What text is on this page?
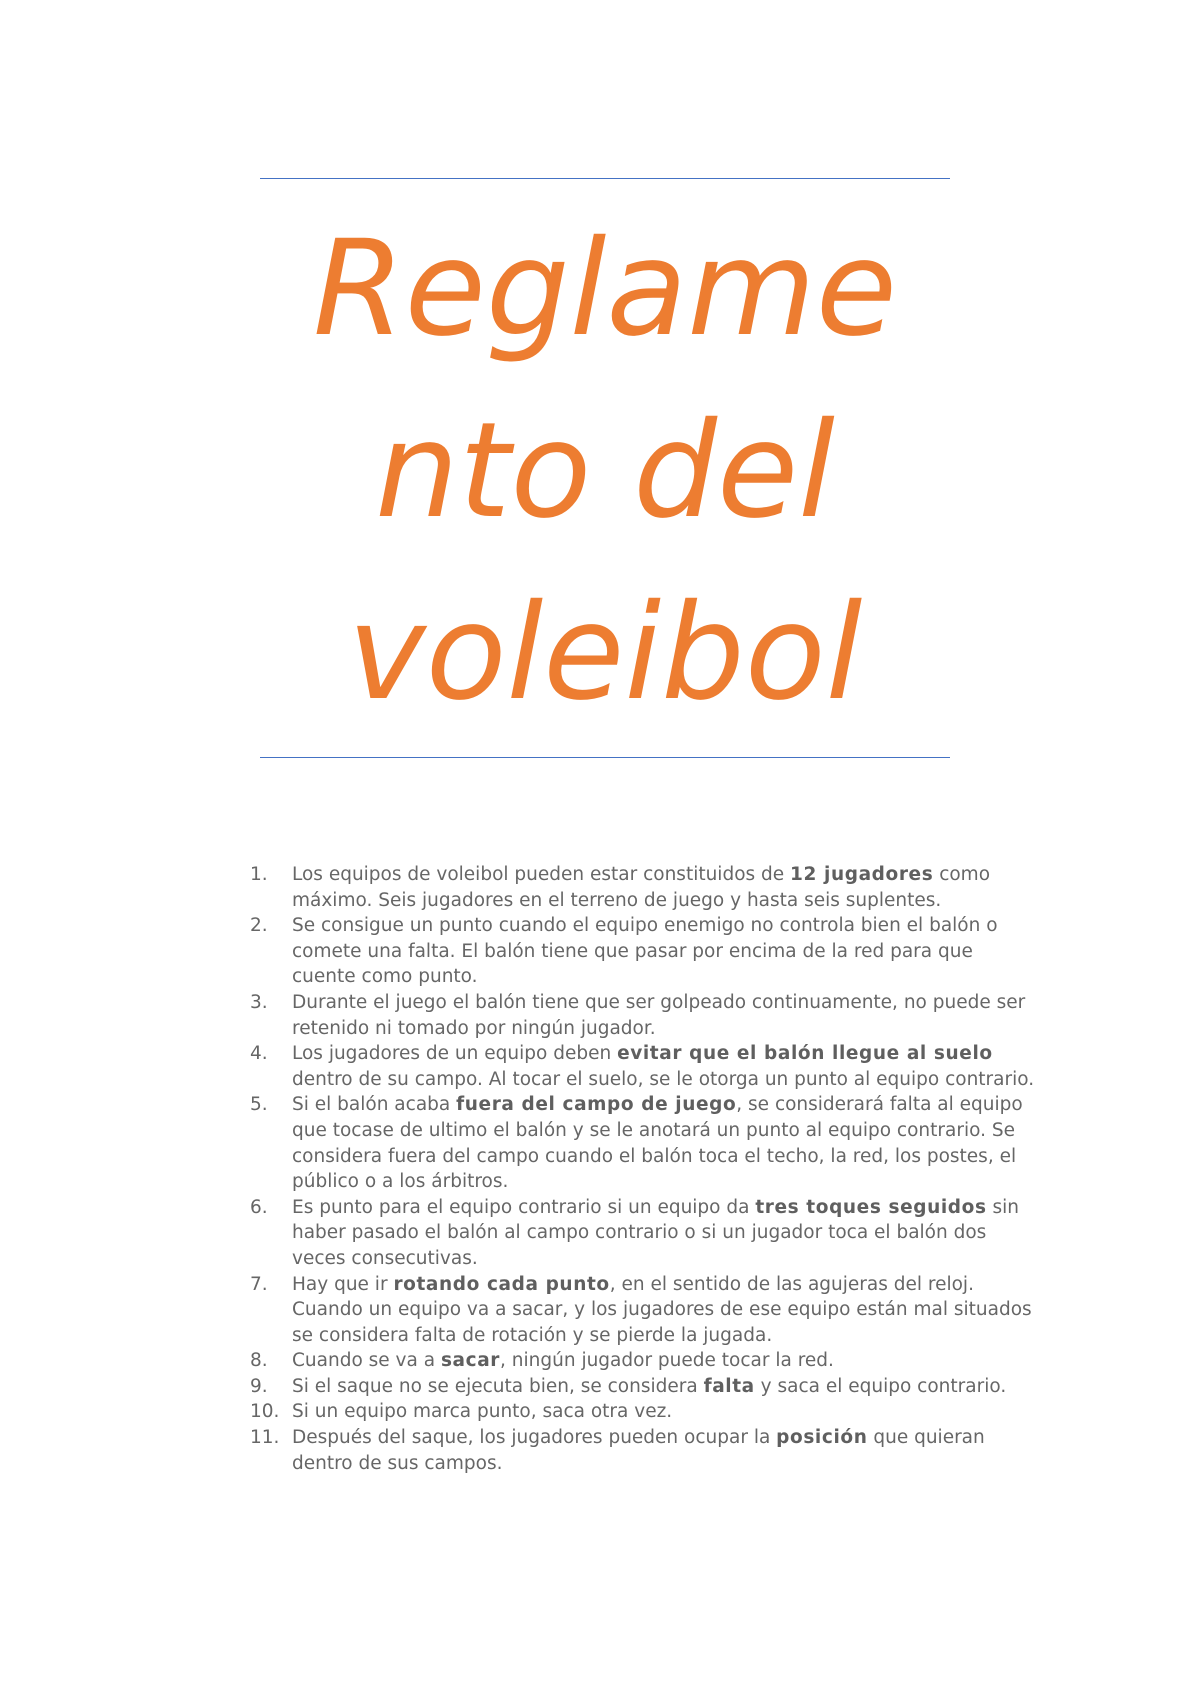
Reglame
nto del
voleibol
1. Los equipos de voleibol pueden estar constituidos de 12 jugadores como máximo. Seis jugadores en el terreno de juego y hasta seis suplentes.
2. Se consigue un punto cuando el equipo enemigo no controla bien el balón o comete una falta. El balón tiene que pasar por encima de la red para que cuente como punto.
3. Durante el juego el balón tiene que ser golpeado continuamente, no puede ser retenido ni tomado por ningún jugador.
4. Los jugadores de un equipo deben evitar que el balón llegue al suelo dentro de su campo. Al tocar el suelo, se le otorga un punto al equipo contrario.
5. Si el balón acaba fuera del campo de juego, se considerará falta al equipo que tocase de ultimo el balón y se le anotará un punto al equipo contrario. Se considera fuera del campo cuando el balón toca el techo, la red, los postes, el público o a los árbitros.
6. Es punto para el equipo contrario si un equipo da tres toques seguidos sin haber pasado el balón al campo contrario o si un jugador toca el balón dos veces consecutivas.
7. Hay que ir rotando cada punto, en el sentido de las agujeras del reloj. Cuando un equipo va a sacar, y los jugadores de ese equipo están mal situados se considera falta de rotación y se pierde la jugada.
8. Cuando se va a sacar, ningún jugador puede tocar la red.
9. Si el saque no se ejecuta bien, se considera falta y saca el equipo contrario.
10. Si un equipo marca punto, saca otra vez.
11. Después del saque, los jugadores pueden ocupar la posición que quieran dentro de sus campos.
